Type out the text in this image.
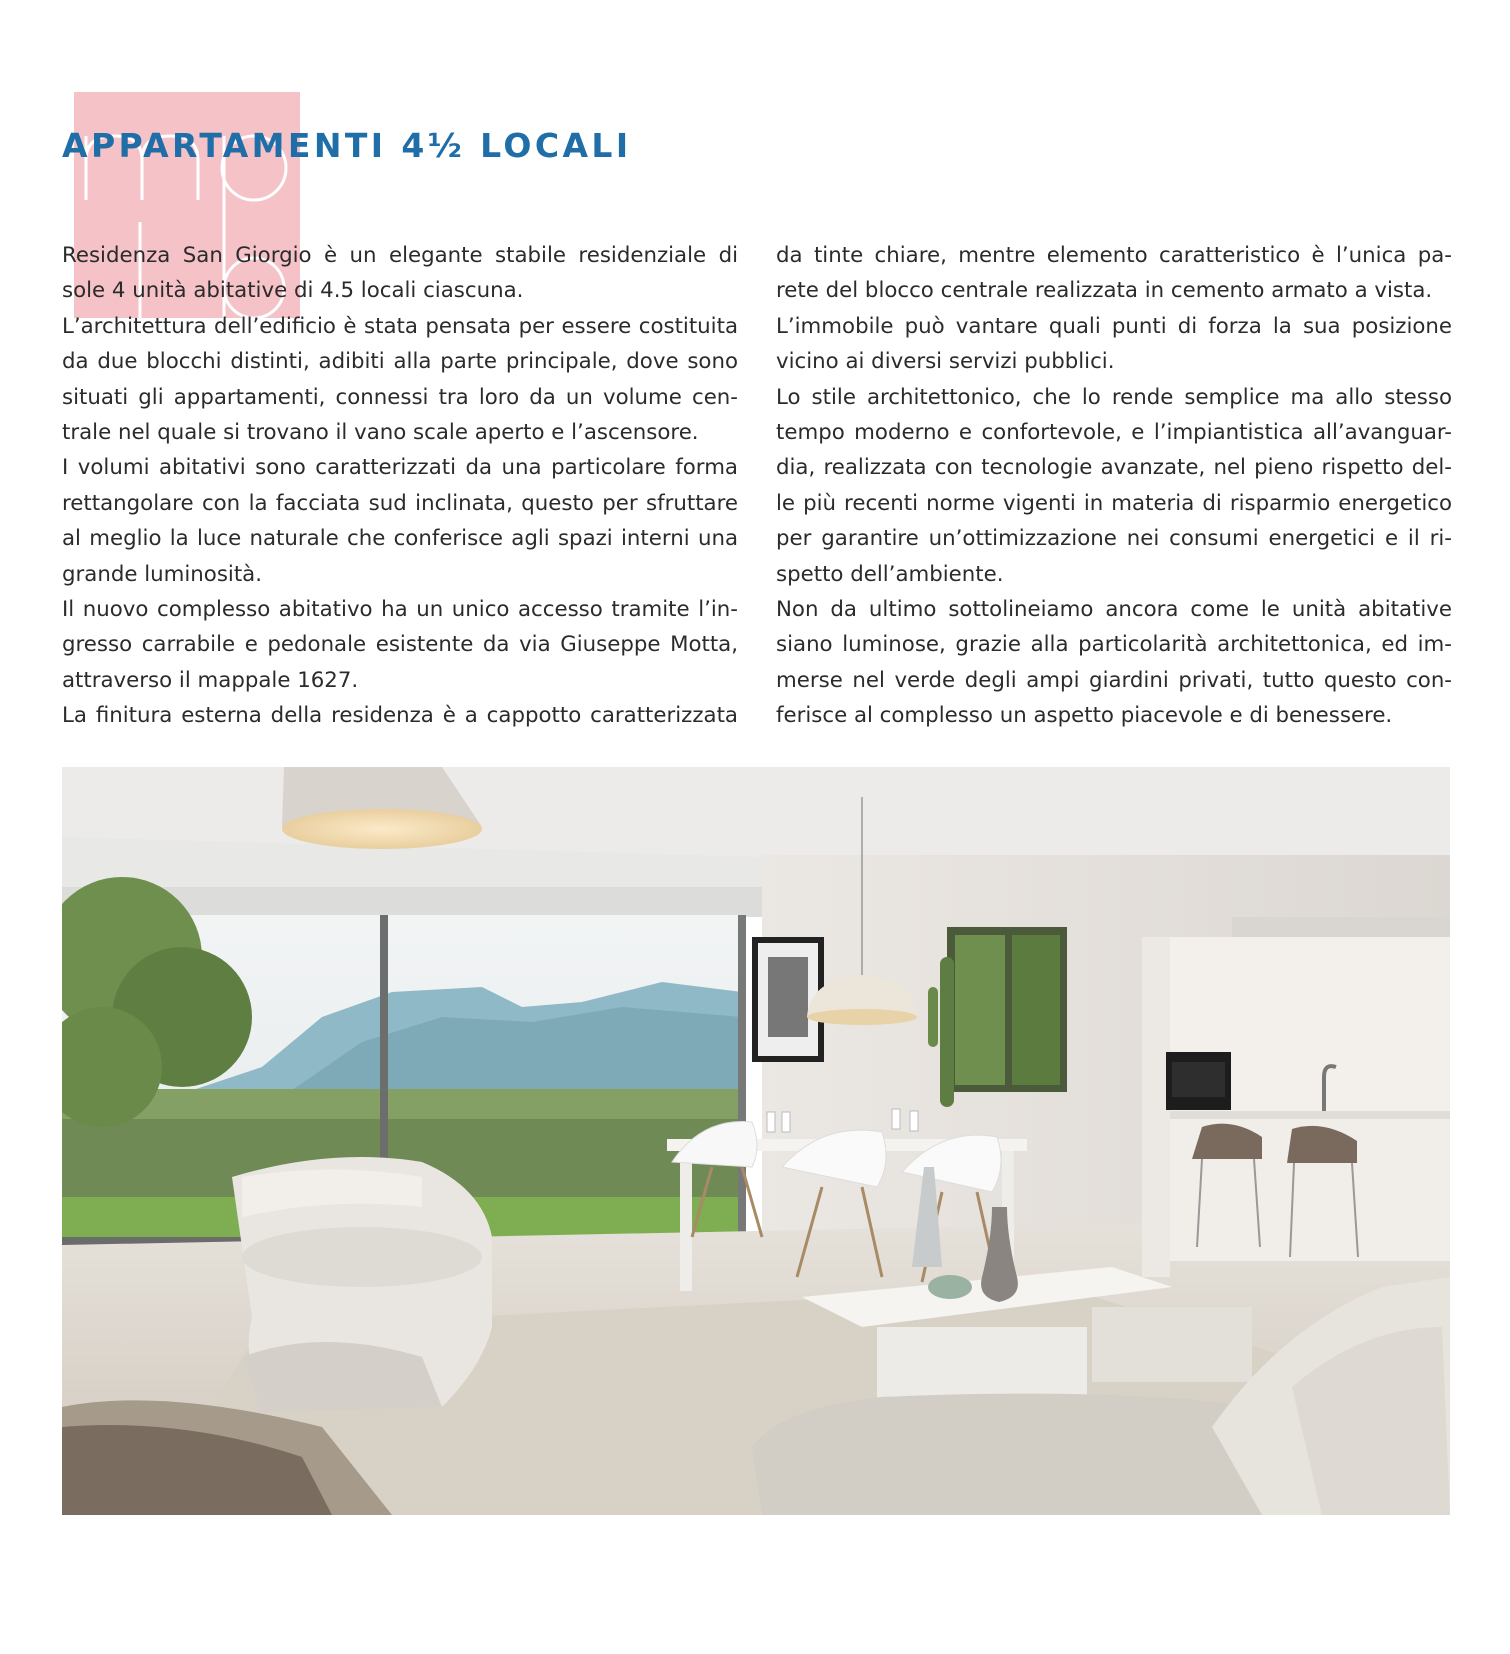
APPARTAMENTI 4½ LOCALI
Residenza San Giorgio è un elegante stabile residenziale di
sole 4 unità abitative di 4.5 locali ciascuna.
L’architettura dell’edificio è stata pensata per essere costituita
da due blocchi distinti, adibiti alla parte principale, dove sono
situati gli appartamenti, connessi tra loro da un volume cen-
trale nel quale si trovano il vano scale aperto e l’ascensore.
I volumi abitativi sono caratterizzati da una particolare forma
rettangolare con la facciata sud inclinata, questo per sfruttare
al meglio la luce naturale che conferisce agli spazi interni una
grande luminosità.
Il nuovo complesso abitativo ha un unico accesso tramite l’in-
gresso carrabile e pedonale esistente da via Giuseppe Motta,
attraverso il mappale 1627.
La finitura esterna della residenza è a cappotto caratterizzata
da tinte chiare, mentre elemento caratteristico è l’unica pa-
rete del blocco centrale realizzata in cemento armato a vista.
L’immobile può vantare quali punti di forza la sua posizione
vicino ai diversi servizi pubblici.
Lo stile architettonico, che lo rende semplice ma allo stesso
tempo moderno e confortevole, e l’impiantistica all’avanguar-
dia, realizzata con tecnologie avanzate, nel pieno rispetto del-
le più recenti norme vigenti in materia di risparmio energetico
per garantire un’ottimizzazione nei consumi energetici e il ri-
spetto dell’ambiente.
Non da ultimo sottolineiamo ancora come le unità abitative
siano luminose, grazie alla particolarità architettonica, ed im-
merse nel verde degli ampi giardini privati, tutto questo con-
ferisce al complesso un aspetto piacevole e di benessere.
